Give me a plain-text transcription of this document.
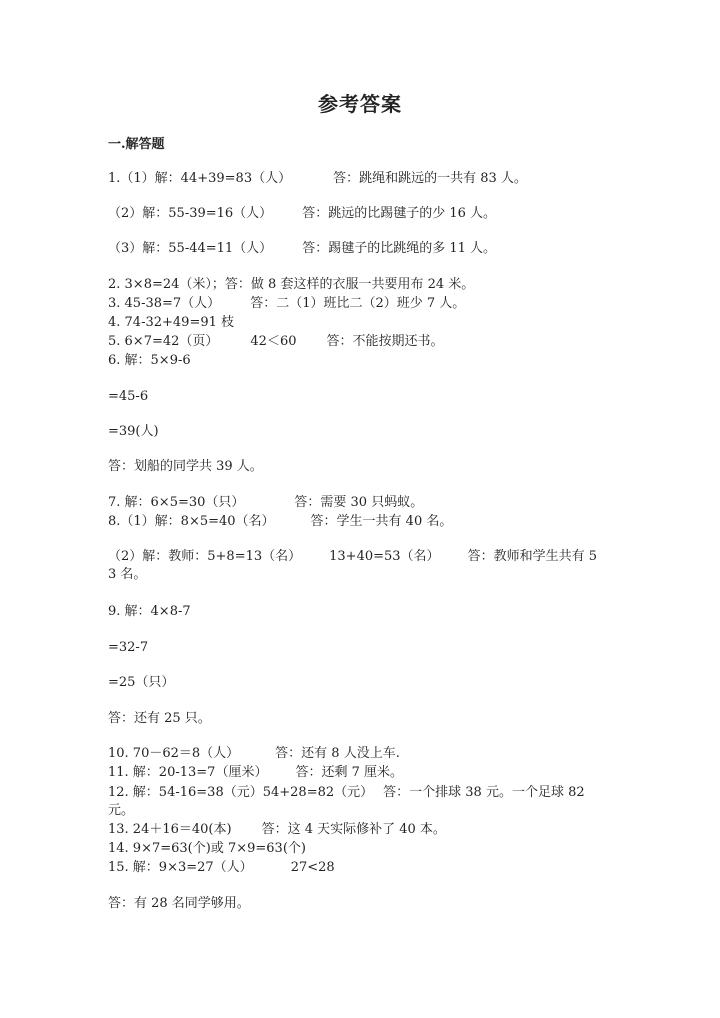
参考答案
一.解答题
1.（1）解：44+39=83（人）	答：跳绳和跳远的一共有 83 人。
（2）解：55-39=16（人） 答：跳远的比踢毽子的少 16 人。
（3）解：55-44=11（人） 答：踢毽子的比跳绳的多 11 人。
2. 3×8=24（米）；答：做 8 套这样的衣服一共要用布 24 米。
3. 45-38=7（人） 答：二（1）班比二（2）班少 7 人。
4. 74-32+49=91 枝
5. 6×7=42（页） 42＜60 答：不能按期还书。
6. 解：5×9-6
=45-6
=39(人)
答：划船的同学共 39 人。
7. 解：6×5=30（只）	答：需要 30 只蚂蚁。
8.（1）解：8×5=40（名）	答：学生一共有 40 名。
（2）解：教师：5+8=13（名） 13+40=53（名） 答：教师和学生共有 53 名。
9. 解：4×8-7
=32-7
=25（只）
答：还有 25 只。
10. 70－62＝8（人）	答：还有 8 人没上车.
11. 解：20-13=7（厘米） 答：还剩 7 厘米。
12. 解：54-16=38（元）54+28=82（元） 答：一个排球 38 元。一个足球 82 元。
13. 24＋16＝40(本) 答：这 4 天实际修补了 40 本。
14. 9×7=63(个)或 7×9=63(个)
15. 解：9×3=27（人）	27<28
答：有 28 名同学够用。
